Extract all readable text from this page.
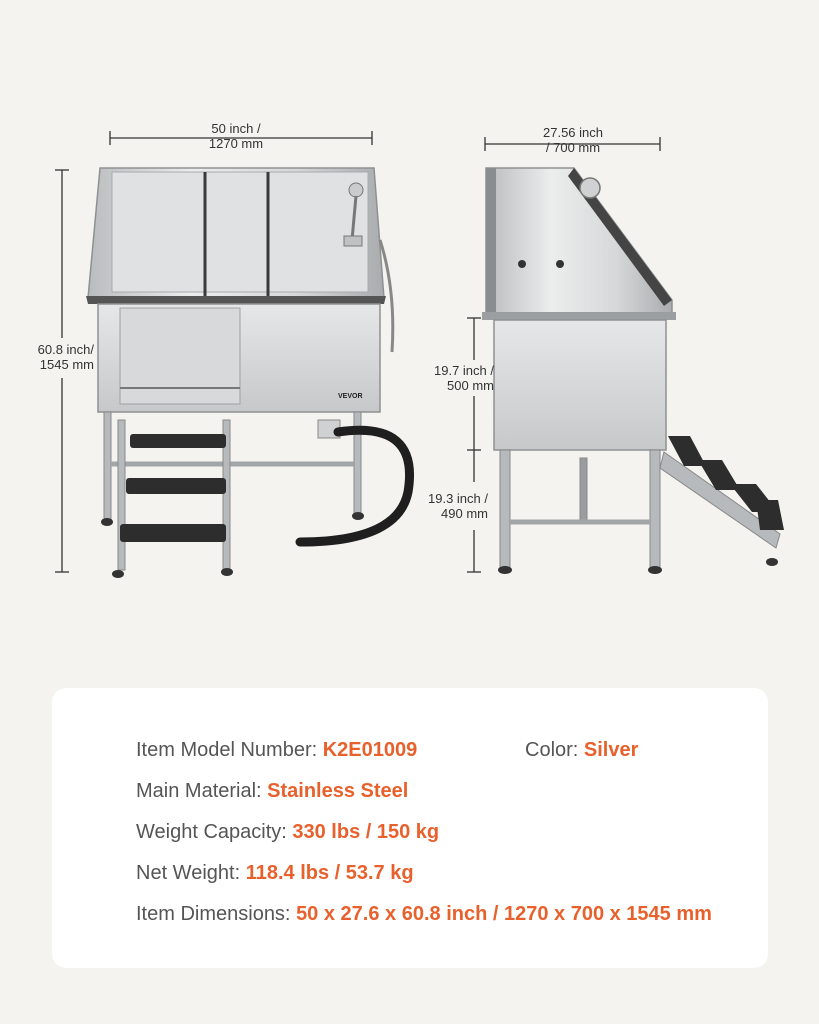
VEVOR
50 inch /
1270 mm
60.8 inch/
1545 mm
27.56 inch
/ 700 mm
19.7 inch /
500 mm
19.3 inch /
490 mm
Item Model Number: K2E01009	Color: Silver
Main Material: Stainless Steel
Weight Capacity: 330 lbs / 150 kg
Net Weight: 118.4 lbs / 53.7 kg
Item Dimensions: 50 x 27.6 x 60.8 inch / 1270 x 700 x 1545 mm
